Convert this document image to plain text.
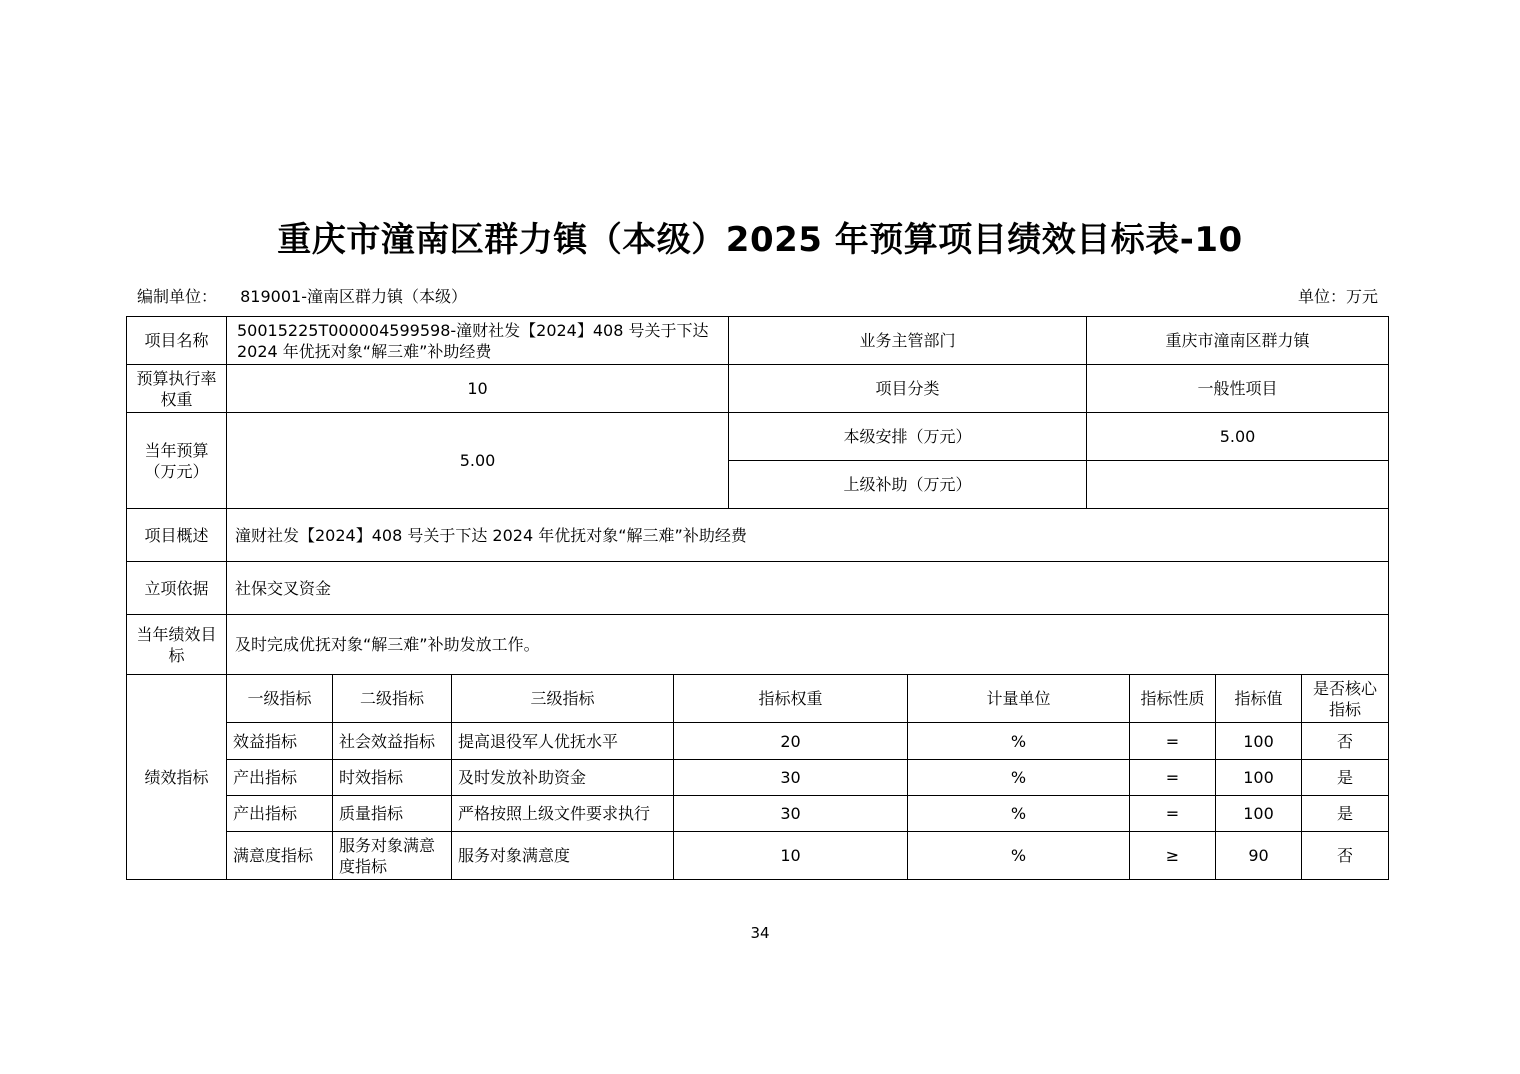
重庆市潼南区群力镇（本级）2025 年预算项目绩效目标表-10
编制单位： 819001-潼南区群力镇（本级）	单位：万元
项目名称	50015225T000004599598-潼财社发【2024】408 号关于下达 2024 年优抚对象“解三难”补助经费	业务主管部门	重庆市潼南区群力镇
预算执行率权重	10	项目分类	一般性项目
当年预算（万元）	5.00	本级安排（万元）	5.00
		上级补助（万元）	
项目概述	潼财社发【2024】408 号关于下达 2024 年优抚对象“解三难”补助经费		
立项依据	社保交叉资金		
当年绩效目标	及时完成优抚对象“解三难”补助发放工作。		
绩效指标	一级指标	二级指标	三级指标	指标权重	计量单位	指标性质	指标值	是否核心指标
	效益指标	社会效益指标	提高退役军人优抚水平	20	%	=	100	否
	产出指标	时效指标	及时发放补助资金	30	%	=	100	是
	产出指标	质量指标	严格按照上级文件要求执行	30	%	=	100	是
	满意度指标	服务对象满意度指标	服务对象满意度	10	%	≥	90	否
34
